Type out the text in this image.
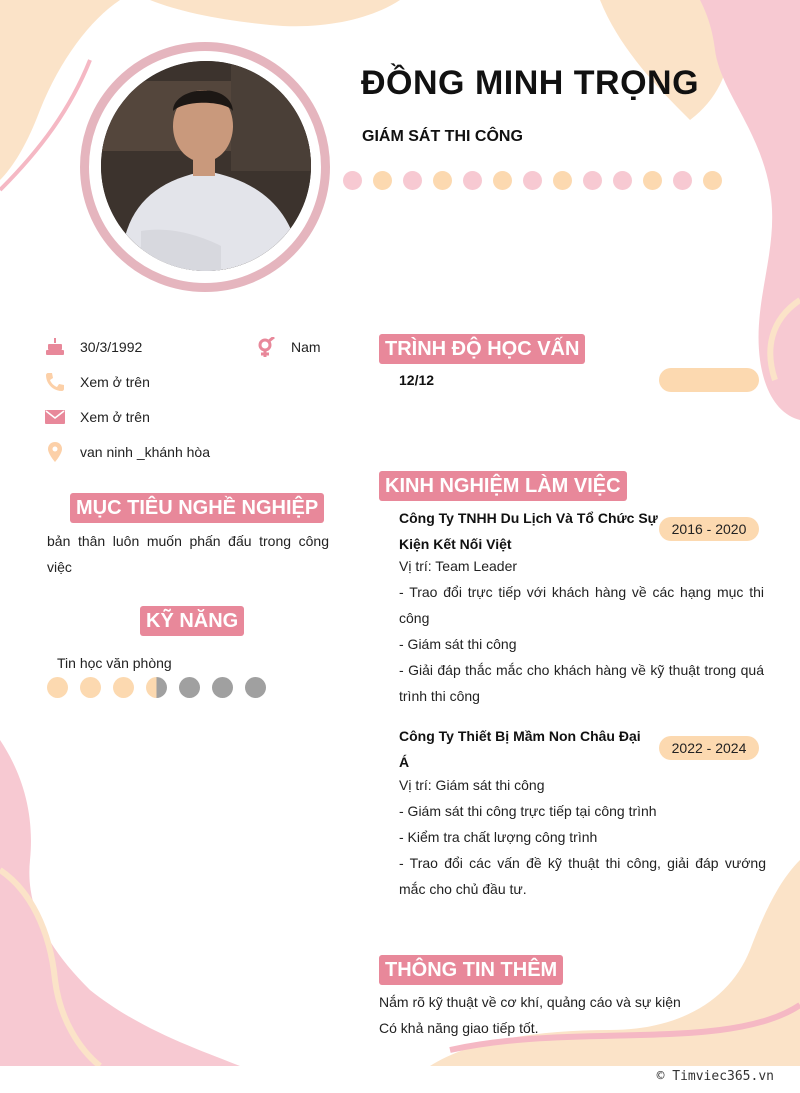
ĐỒNG MINH TRỌNG
GIÁM SÁT THI CÔNG
30/3/1992	Nam
Xem ở trên
Xem ở trên
van ninh _khánh hòa
MỤC TIÊU NGHỀ NGHIỆP
bản thân luôn muốn phấn đấu trong công việc
KỸ NĂNG
Tin học văn phòng
TRÌNH ĐỘ HỌC VẤN
12/12
KINH NGHIỆM LÀM VIỆC
Công Ty TNHH Du Lịch Và Tổ Chức Sự
Kiện Kết Nối Việt
2016 - 2020
Vị trí: Team Leader
- Trao đổi trực tiếp với khách hàng về các hạng mục thi công
- Giám sát thi công
- Giải đáp thắc mắc cho khách hàng về kỹ thuật trong quá trình thi công
Công Ty Thiết Bị Mầm Non Châu Đại
Á
2022 - 2024
Vị trí: Giám sát thi công
- Giám sát thi công trực tiếp tại công trình
- Kiểm tra chất lượng công trình
- Trao đổi các vấn đề kỹ thuật thi công, giải đáp vướng mắc cho chủ đầu tư.
THÔNG TIN THÊM
Nắm rõ kỹ thuật về cơ khí, quảng cáo và sự kiện
Có khả năng giao tiếp tốt.
© Timviec365.vn
